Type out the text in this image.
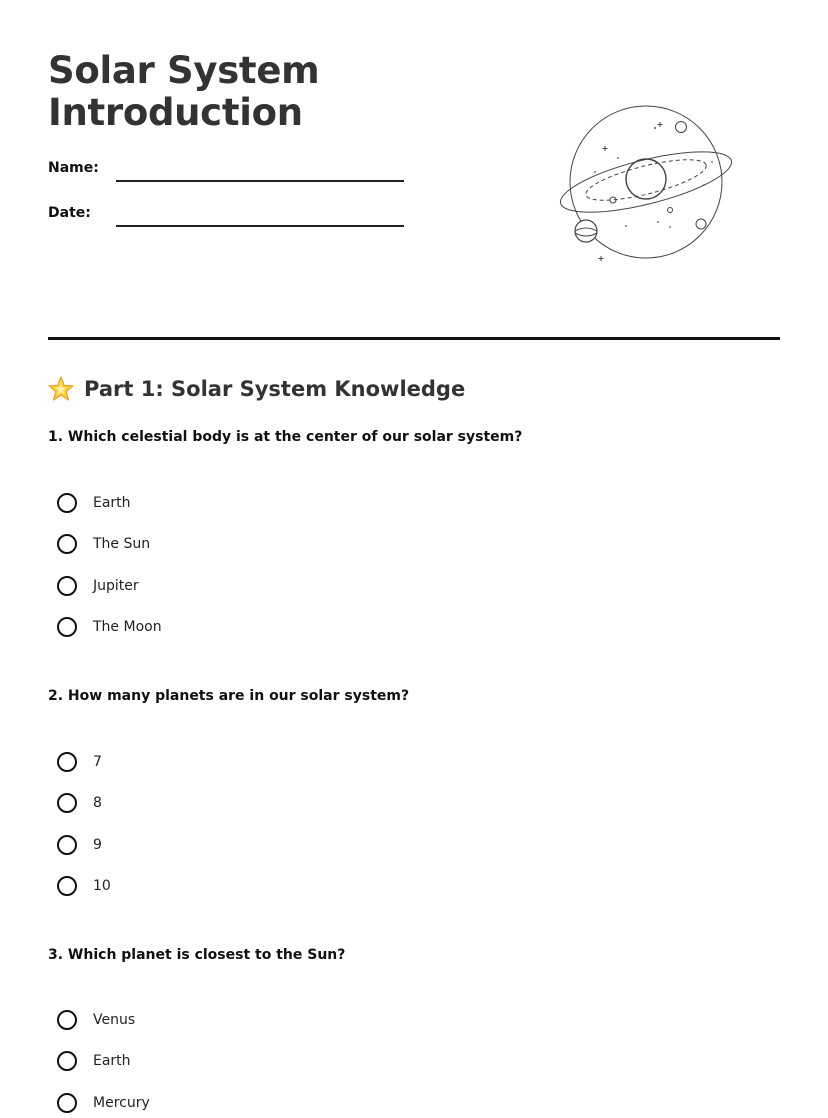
Solar System
Introduction
Name:
Date:
Part 1: Solar System Knowledge
1. Which celestial body is at the center of our solar system?
Earth
The Sun
Jupiter
The Moon
2. How many planets are in our solar system?
7
8
9
10
3. Which planet is closest to the Sun?
Venus
Earth
Mercury
